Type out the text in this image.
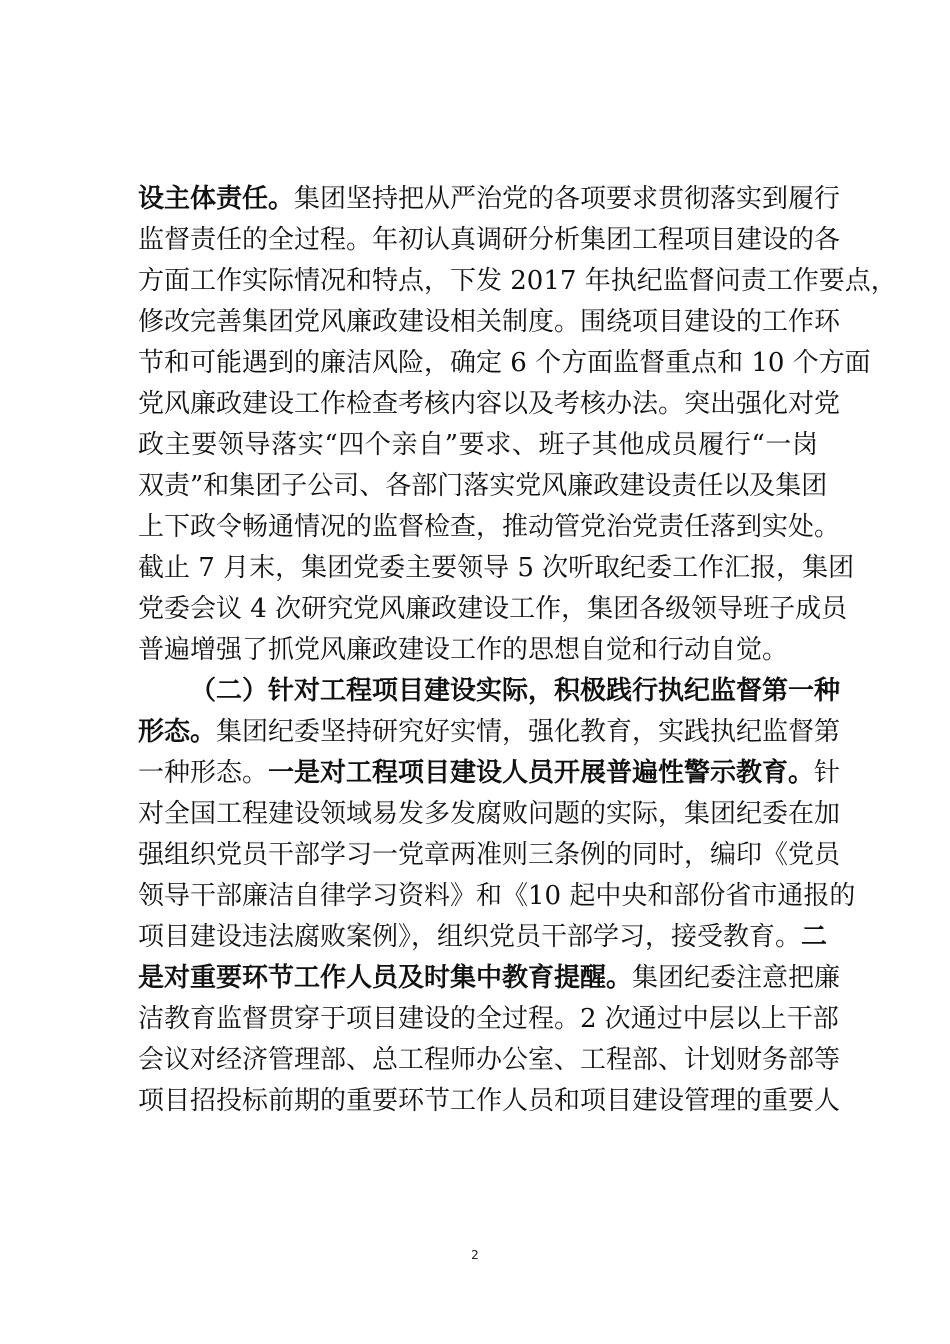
设主体责任。集团坚持把从严治党的各项要求贯彻落实到履行
监督责任的全过程。年初认真调研分析集团工程项目建设的各
方面工作实际情况和特点，下发 2017 年执纪监督问责工作要点，
修改完善集团党风廉政建设相关制度。围绕项目建设的工作环
节和可能遇到的廉洁风险，确定 6 个方面监督重点和 10 个方面
党风廉政建设工作检查考核内容以及考核办法。突出强化对党
政主要领导落实“四个亲自”要求、班子其他成员履行“一岗
双责”和集团子公司、各部门落实党风廉政建设责任以及集团
上下政令畅通情况的监督检查，推动管党治党责任落到实处。
截止 7 月末，集团党委主要领导 5 次听取纪委工作汇报，集团
党委会议 4 次研究党风廉政建设工作，集团各级领导班子成员
普遍增强了抓党风廉政建设工作的思想自觉和行动自觉。
（二）针对工程项目建设实际，积极践行执纪监督第一种
形态。集团纪委坚持研究好实情，强化教育，实践执纪监督第
一种形态。一是对工程项目建设人员开展普遍性警示教育。针
对全国工程建设领域易发多发腐败问题的实际，集团纪委在加
强组织党员干部学习一党章两准则三条例的同时，编印《党员
领导干部廉洁自律学习资料》和《10 起中央和部份省市通报的
项目建设违法腐败案例》，组织党员干部学习，接受教育。二
是对重要环节工作人员及时集中教育提醒。集团纪委注意把廉
洁教育监督贯穿于项目建设的全过程。2 次通过中层以上干部
会议对经济管理部、总工程师办公室、工程部、计划财务部等
项目招投标前期的重要环节工作人员和项目建设管理的重要人
2
